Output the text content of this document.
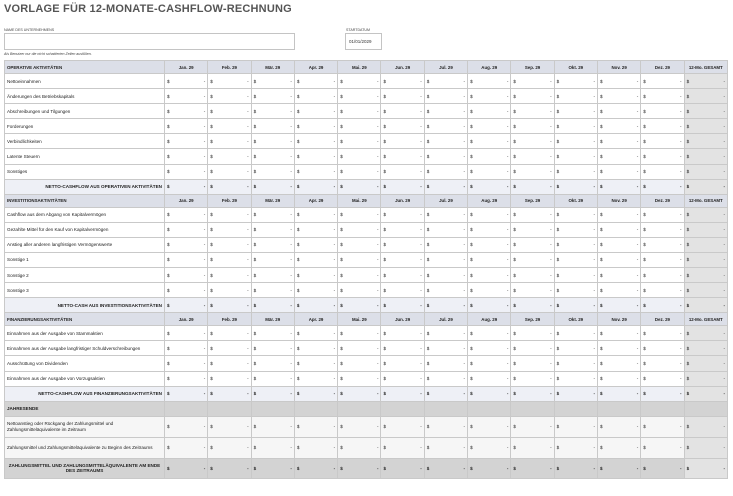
VORLAGE FÜR 12-MONATE-CASHFLOW-RECHNUNG
NAME DES UNTERNEHMENS	STARTDATUM
01/01/2029
Als Benutzer nur die nicht schattierten Zellen ausfüllen.
OPERATIVE AKTIVITÄTEN	Jan. 29	Feb. 29	Mär. 29	Apr. 29	Mai. 29	Jun. 29	Jul. 29	Aug. 29	Sep. 29	Okt. 29	Nov. 29	Dez. 29	12-Mo. GESAMT
Nettoeinnahmen	$ -	$ -	$ -	$ -	$ -	$ -	$ -	$ -	$ -	$ -	$ -	$ -	$ -

Änderungen des Betriebskapitals	$ -	$ -	$ -	$ -	$ -	$ -	$ -	$ -	$ -	$ -	$ -	$ -	$ -

Abschreibungen und Tilgungen	$ -	$ -	$ -	$ -	$ -	$ -	$ -	$ -	$ -	$ -	$ -	$ -	$ -

Forderungen	$ -	$ -	$ -	$ -	$ -	$ -	$ -	$ -	$ -	$ -	$ -	$ -	$ -

Verbindlichkeiten	$ -	$ -	$ -	$ -	$ -	$ -	$ -	$ -	$ -	$ -	$ -	$ -	$ -

Latente Steuern	$ -	$ -	$ -	$ -	$ -	$ -	$ -	$ -	$ -	$ -	$ -	$ -	$ -

Sonstiges	$ -	$ -	$ -	$ -	$ -	$ -	$ -	$ -	$ -	$ -	$ -	$ -	$ -

NETTO-CASHFLOW AUS OPERATIVEN AKTIVITÄTEN	$ -	$ -	$ -	$ -	$ -	$ -	$ -	$ -	$ -	$ -	$ -	$ -	$ -

INVESTITIONSAKTIVITÄTEN	Jan. 29	Feb. 29	Mär. 29	Apr. 29	Mai. 29	Jun. 29	Jul. 29	Aug. 29	Sep. 29	Okt. 29	Nov. 29	Dez. 29	12-Mo. GESAMT
Cashflow aus dem Abgang von Kapitalvermögen	$ -	$ -	$ -	$ -	$ -	$ -	$ -	$ -	$ -	$ -	$ -	$ -	$ -

Gezahlte Mittel für den Kauf von Kapitalvermögen	$ -	$ -	$ -	$ -	$ -	$ -	$ -	$ -	$ -	$ -	$ -	$ -	$ -

Anstieg aller anderen langfristigen Vermögenswerte	$ -	$ -	$ -	$ -	$ -	$ -	$ -	$ -	$ -	$ -	$ -	$ -	$ -

Sonstige 1	$ -	$ -	$ -	$ -	$ -	$ -	$ -	$ -	$ -	$ -	$ -	$ -	$ -

Sonstige 2	$ -	$ -	$ -	$ -	$ -	$ -	$ -	$ -	$ -	$ -	$ -	$ -	$ -

Sonstige 3	$ -	$ -	$ -	$ -	$ -	$ -	$ -	$ -	$ -	$ -	$ -	$ -	$ -

NETTO-CASH AUS INVESTITIONSAKTIVITÄTEN	$ -	$ -	$ -	$ -	$ -	$ -	$ -	$ -	$ -	$ -	$ -	$ -	$ -

FINANZIERUNGSAKTIVITÄTEN	Jan. 29	Feb. 29	Mär. 29	Apr. 29	Mai. 29	Jun. 29	Jul. 29	Aug. 29	Sep. 29	Okt. 29	Nov. 29	Dez. 29	12-Mo. GESAMT
Einnahmen aus der Ausgabe von Stammaktien	$ -	$ -	$ -	$ -	$ -	$ -	$ -	$ -	$ -	$ -	$ -	$ -	$ -

Einnahmen aus der Ausgabe langfristiger Schuldverschreibungen	$ -	$ -	$ -	$ -	$ -	$ -	$ -	$ -	$ -	$ -	$ -	$ -	$ -

Ausschüttung von Dividenden	$ -	$ -	$ -	$ -	$ -	$ -	$ -	$ -	$ -	$ -	$ -	$ -	$ -

Einnahmen aus der Ausgabe von Vorzugsaktien	$ -	$ -	$ -	$ -	$ -	$ -	$ -	$ -	$ -	$ -	$ -	$ -	$ -

NETTO-CASHFLOW AUS FINANZIERUNGSAKTIVITÄTEN	$ -	$ -	$ -	$ -	$ -	$ -	$ -	$ -	$ -	$ -	$ -	$ -	$ -

JAHRESENDE													
Nettoanstieg oder Rückgang der Zahlungsmittel und Zahlungsmitteläquivalente im Zeitraum	$ -	$ -	$ -	$ -	$ -	$ -	$ -	$ -	$ -	$ -	$ -	$ -	$ -

Zahlungsmittel und Zahlungsmitteläquivalente zu Beginn des Zeitraums	$ -	$ -	$ -	$ -	$ -	$ -	$ -	$ -	$ -	$ -	$ -	$ -	$ -

ZAHLUNGSMITTEL UND ZAHLUNGSMITTELÄQUIVALENTE AM ENDE DES ZEITRAUMS	$ -	$ -	$ -	$ -	$ -	$ -	$ -	$ -	$ -	$ -	$ -	$ -	$ -
